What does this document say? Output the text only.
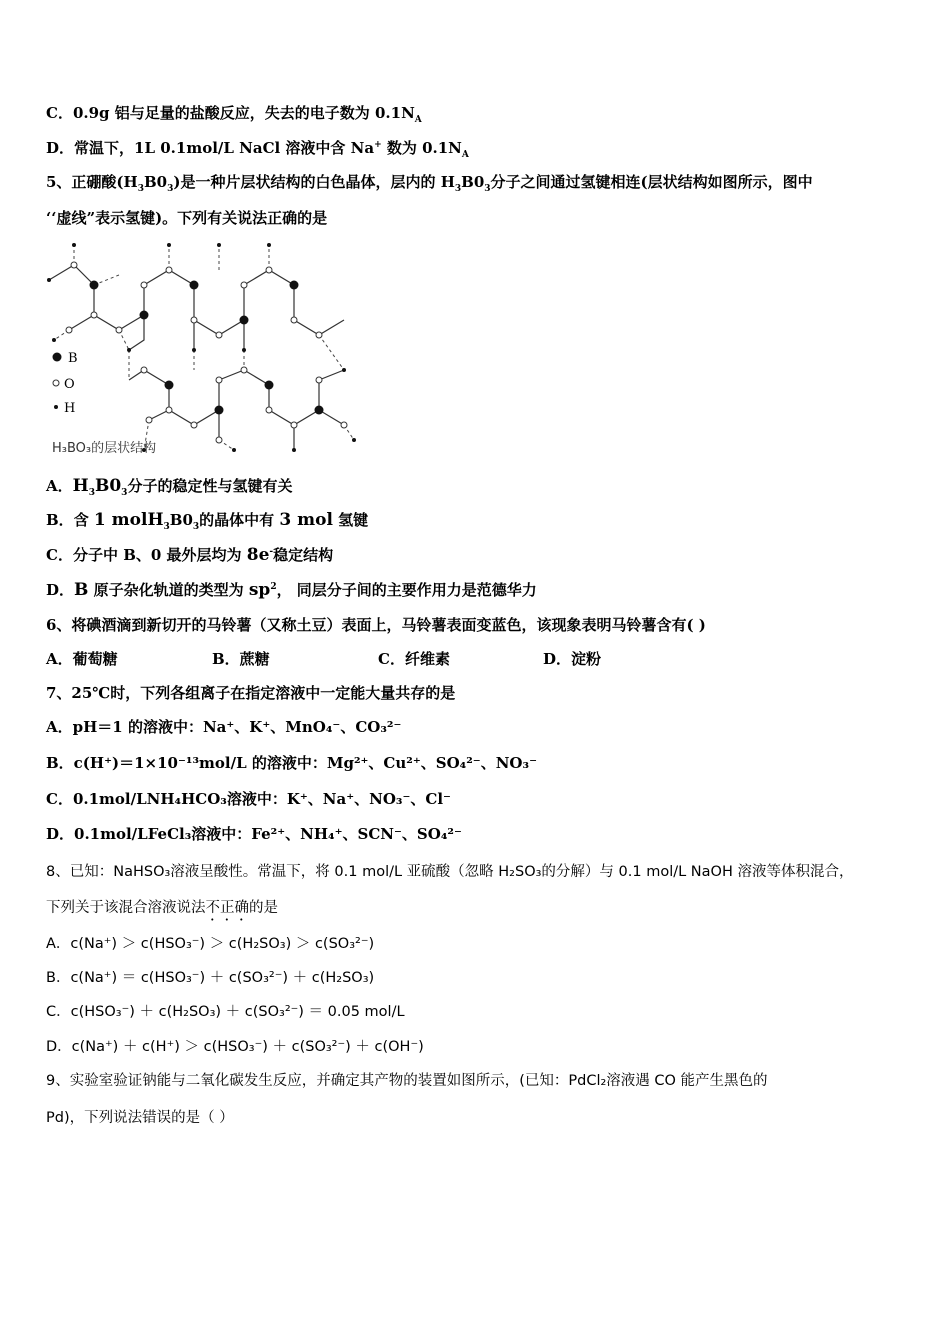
C．0.9g 铝与足量的盐酸反应，失去的电子数为 $0.1N_A$
D．常温下，1L 0.1mol/L NaCl 溶液中含 Na+ 数为 $0.1N_A$
5、正硼酸$(H_3B0_3)$是一种片层状结构的白色晶体，层内的 $H_3B0_3$分子之间通过氢键相连(层状结构如图所示，图中
‘‘虚线”表示氢键)。下列有关说法正确的是
B
O
H
H₃BO₃的层状结构
A．$H_3B0_3$分子的稳定性与氢键有关
B．含 1 $molH_3B0_3$的晶体中有 3 mol 氢键
C．分子中 B、0 最外层均为 8e-稳定结构
D．B 原子杂化轨道的类型为 $sp^2$， 同层分子间的主要作用力是范德华力
6、将碘酒滴到新切开的马铃薯（又称土豆）表面上，马铃薯表面变蓝色，该现象表明马铃薯含有( )
A．葡萄糖	B．蔗糖	C．纤维素	D．淀粉
7、25℃时，下列各组离子在指定溶液中一定能大量共存的是
A．pH＝1 的溶液中：Na⁺、K⁺、MnO₄⁻、CO₃²⁻
B．c(H⁺)＝1×10⁻¹³mol/L 的溶液中：Mg²⁺、Cu²⁺、SO₄²⁻、NO₃⁻
C．0.1mol/LNH₄HCO₃溶液中：K⁺、Na⁺、NO₃⁻、Cl⁻
D．0.1mol/LFeCl₃溶液中：Fe²⁺、NH₄⁺、SCN⁻、SO₄²⁻
8、已知：NaHSO₃溶液呈酸性。常温下，将 0.1 mol/L 亚硫酸（忽略 H₂SO₃的分解）与 0.1 mol/L NaOH 溶液等体积混合，
下列关于该混合溶液说法不正确的是
A．c(Na⁺) ＞ c(HSO₃⁻) ＞ c(H₂SO₃) ＞ c(SO₃²⁻)
B．c(Na⁺) ＝ c(HSO₃⁻) ＋ c(SO₃²⁻) ＋ c(H₂SO₃)
C．c(HSO₃⁻) ＋ c(H₂SO₃) ＋ c(SO₃²⁻) ＝ 0.05 mol/L
D．c(Na⁺) ＋ c(H⁺) ＞ c(HSO₃⁻) ＋ c(SO₃²⁻) ＋ c(OH⁻)
9、实验室验证钠能与二氧化碳发生反应，并确定其产物的装置如图所示，(已知：PdCl₂溶液遇 CO 能产生黑色的
Pd)，下列说法错误的是（ ）
